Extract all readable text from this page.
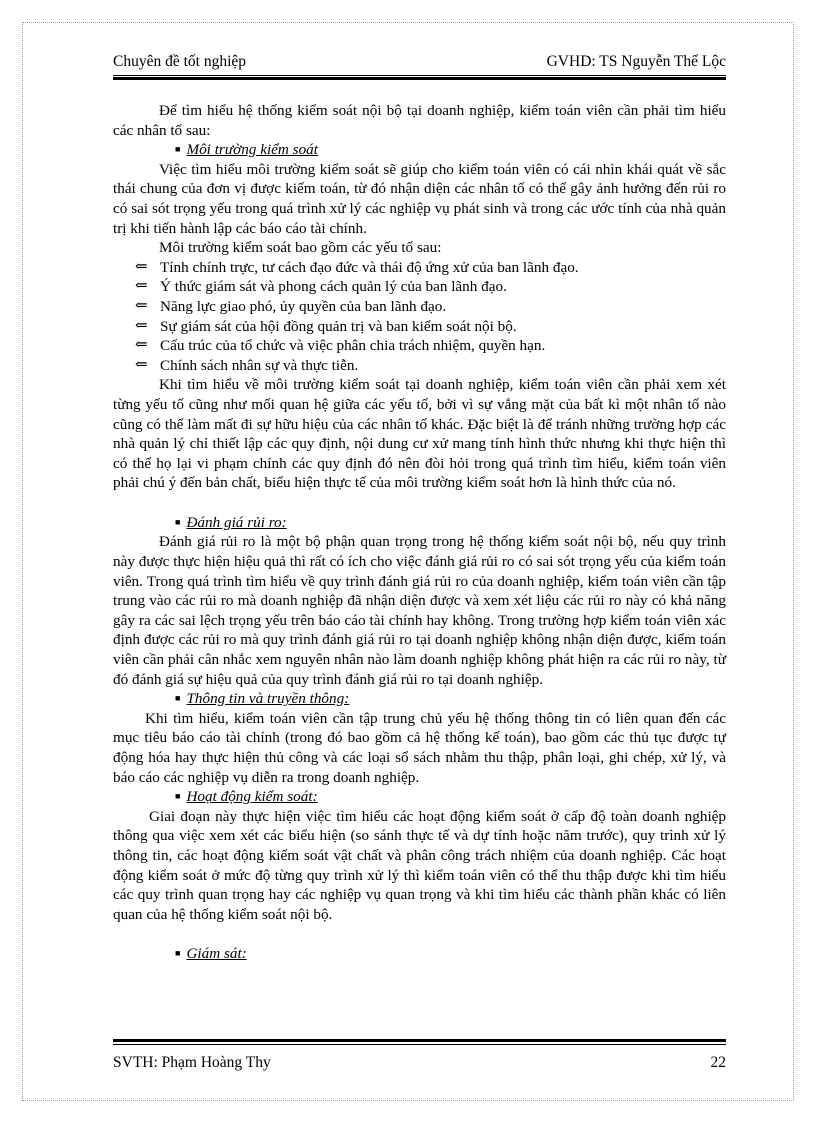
Chuyên đề tốt nghiệp	GVHD: TS Nguyễn Thế Lộc

Để tìm hiểu hệ thống kiểm soát nội bộ tại doanh nghiệp, kiểm toán viên cần phải tìm hiểu các nhân tố sau:

■ Môi trường kiểm soát

Việc tìm hiểu môi trường kiểm soát sẽ giúp cho kiểm toán viên có cái nhìn khái quát về sắc thái chung của đơn vị được kiểm toán, từ đó nhận diện các nhân tố có thể gây ảnh hưởng đến rủi ro có sai sót trọng yếu trong quá trình xử lý các nghiệp vụ phát sinh và trong các ước tính của nhà quản trị khi tiến hành lập các báo cáo tài chính.

Môi trường kiểm soát bao gồm các yếu tố sau:

⇐ Tính chính trực, tư cách đạo đức và thái độ ứng xử của ban lãnh đạo.
⇐ Ý thức giám sát và phong cách quản lý của ban lãnh đạo.
⇐ Năng lực giao phó, ủy quyền của ban lãnh đạo.
⇐ Sự giám sát của hội đồng quản trị và ban kiểm soát nội bộ.
⇐ Cấu trúc của tổ chức và việc phân chia trách nhiệm, quyền hạn.
⇐ Chính sách nhân sự và thực tiễn.

Khi tìm hiểu về môi trường kiểm soát tại doanh nghiệp, kiểm toán viên cần phải xem xét từng yếu tố cũng như mối quan hệ giữa các yếu tố, bởi vì sự vắng mặt của bất kì một nhân tố nào cũng có thể làm mất đi sự hữu hiệu của các nhân tố khác. Đặc biệt là để tránh những trường hợp các nhà quản lý chỉ thiết lập các quy định, nội dung cư xử mang tính hình thức nhưng khi thực hiện thì có thể họ lại vi phạm chính các quy định đó nên đòi hỏi trong quá trình tìm hiểu, kiểm toán viên phải chú ý đến bản chất, biểu hiện thực tế của môi trường kiểm soát hơn là hình thức của nó.

■ Đánh giá rủi ro:

Đánh giá rủi ro là một bộ phận quan trọng trong hệ thống kiểm soát nội bộ, nếu quy trình này được thực hiện hiệu quả thì rất có ích cho việc đánh giá rủi ro có sai sót trọng yếu của kiểm toán viên. Trong quá trình tìm hiểu về quy trình đánh giá rủi ro của doanh nghiệp, kiểm toán viên cần tập trung vào các rủi ro mà doanh nghiệp đã nhận diện được và xem xét liệu các rủi ro này có khả năng gây ra các sai lệch trọng yếu trên báo cáo tài chính hay không. Trong trường hợp kiểm toán viên xác định được các rủi ro mà quy trình đánh giá rủi ro tại doanh nghiệp không nhận diện được, kiểm toán viên cần phải cân nhắc xem nguyên nhân nào làm doanh nghiệp không phát hiện ra các rủi ro này, từ đó đánh giá sự hiệu quả của quy trình đánh giá rủi ro tại doanh nghiệp.

■ Thông tin và truyền thông:

Khi tìm hiểu, kiểm toán viên cần tập trung chủ yếu hệ thống thông tin có liên quan đến các mục tiêu báo cáo tài chính (trong đó bao gồm cả hệ thống kế toán), bao gồm các thủ tục được tự động hóa hay thực hiện thủ công và các loại sổ sách nhằm thu thập, phân loại, ghi chép, xử lý, và báo cáo các nghiệp vụ diễn ra trong doanh nghiệp.

■ Hoạt động kiểm soát:

Giai đoạn này thực hiện việc tìm hiểu các hoạt động kiểm soát ở cấp độ toàn doanh nghiệp thông qua việc xem xét các biểu hiện (so sánh thực tế và dự tính hoặc năm trước), quy trình xử lý thông tin, các hoạt động kiểm soát vật chất và phân công trách nhiệm của doanh nghiệp. Các hoạt động kiểm soát ở mức độ từng quy trình xử lý thì kiểm toán viên có thể thu thập được khi tìm hiểu các quy trình quan trọng hay các nghiệp vụ quan trọng và khi tìm hiểu các thành phần khác có liên quan của hệ thống kiểm soát nội bộ.

■ Giám sát:

SVTH: Phạm Hoàng Thy	22
